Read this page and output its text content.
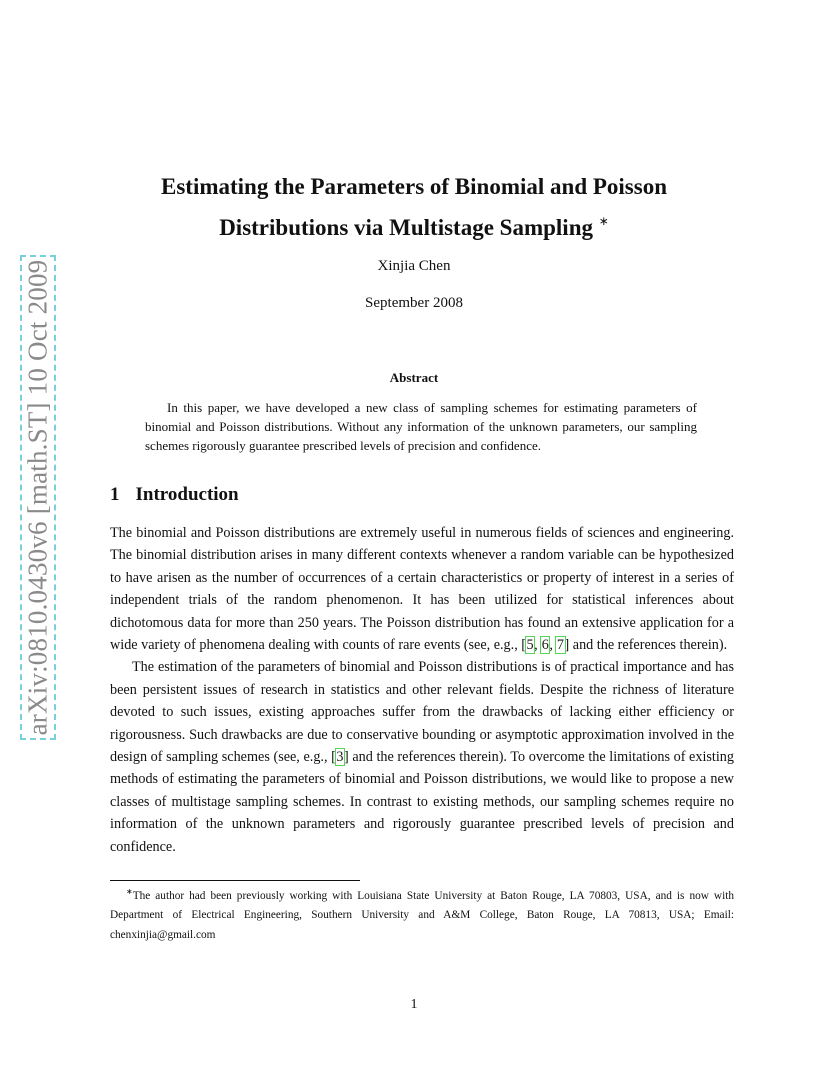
arXiv:0810.0430v6 [math.ST] 10 Oct 2009
Estimating the Parameters of Binomial and Poisson
Distributions via Multistage Sampling ∗
Xinjia Chen
September 2008
Abstract
In this paper, we have developed a new class of sampling schemes for estimating parameters of binomial and Poisson distributions. Without any information of the unknown parameters, our sampling schemes rigorously guarantee prescribed levels of precision and confidence.
1 Introduction

The binomial and Poisson distributions are extremely useful in numerous fields of sciences and engineering. The binomial distribution arises in many different contexts whenever a random variable can be hypothesized to have arisen as the number of occurrences of a certain characteristics or property of interest in a series of independent trials of the random phenomenon. It has been utilized for statistical inferences about dichotomous data for more than 250 years. The Poisson distribution has found an extensive application for a wide variety of phenomena dealing with counts of rare events (see, e.g., [5, 6, 7] and the references therein).

The estimation of the parameters of binomial and Poisson distributions is of practical importance and has been persistent issues of research in statistics and other relevant fields. Despite the richness of literature devoted to such issues, existing approaches suffer from the drawbacks of lacking either efficiency or rigorousness. Such drawbacks are due to conservative bounding or asymptotic approximation involved in the design of sampling schemes (see, e.g., [3] and the references therein). To overcome the limitations of existing methods of estimating the parameters of binomial and Poisson distributions, we would like to propose a new classes of multistage sampling schemes. In contrast to existing methods, our sampling schemes require no information of the unknown parameters and rigorously guarantee prescribed levels of precision and confidence.

∗The author had been previously working with Louisiana State University at Baton Rouge, LA 70803, USA, and is now with Department of Electrical Engineering, Southern University and A&M College, Baton Rouge, LA 70813, USA; Email: chenxinjia@gmail.com
1
